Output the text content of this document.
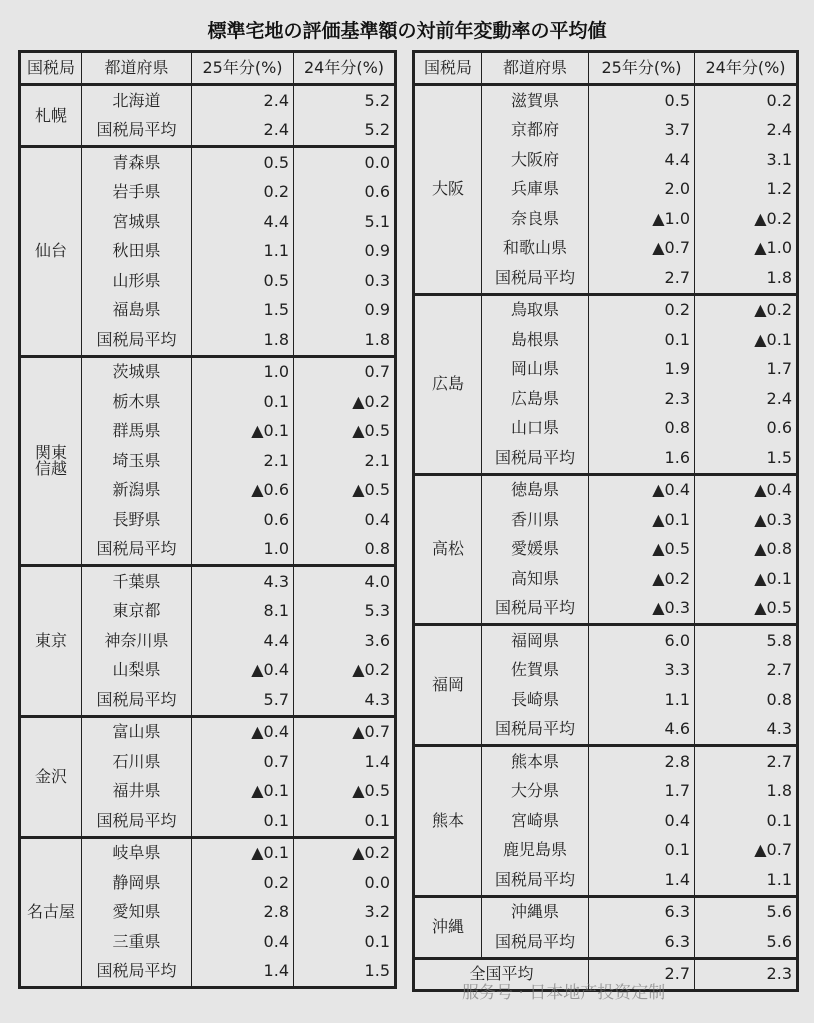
標準宅地の評価基準額の対前年変動率の平均値
国税局	都道府県	25年分(%)	24年分(%)
札幌	北海道	2.4	5.2
	国税局平均	2.4	5.2
仙台	青森県	0.5	0.0
	岩手県	0.2	0.6
	宮城県	4.4	5.1
	秋田県	1.1	0.9
	山形県	0.5	0.3
	福島県	1.5	0.9
	国税局平均	1.8	1.8
関東
信越	茨城県	1.0	0.7
	栃木県	0.1	▲0.2
	群馬県	▲0.1	▲0.5
	埼玉県	2.1	2.1
	新潟県	▲0.6	▲0.5
	長野県	0.6	0.4
	国税局平均	1.0	0.8
東京	千葉県	4.3	4.0
	東京都	8.1	5.3
	神奈川県	4.4	3.6
	山梨県	▲0.4	▲0.2
	国税局平均	5.7	4.3
金沢	富山県	▲0.4	▲0.7
	石川県	0.7	1.4
	福井県	▲0.1	▲0.5
	国税局平均	0.1	0.1
名古屋	岐阜県	▲0.1	▲0.2
	静岡県	0.2	0.0
	愛知県	2.8	3.2
	三重県	0.4	0.1
	国税局平均	1.4	1.5
国税局	都道府県	25年分(%)	24年分(%)
大阪	滋賀県	0.5	0.2
	京都府	3.7	2.4
	大阪府	4.4	3.1
	兵庫県	2.0	1.2
	奈良県	▲1.0	▲0.2
	和歌山県	▲0.7	▲1.0
	国税局平均	2.7	1.8
広島	鳥取県	0.2	▲0.2
	島根県	0.1	▲0.1
	岡山県	1.9	1.7
	広島県	2.3	2.4
	山口県	0.8	0.6
	国税局平均	1.6	1.5
高松	徳島県	▲0.4	▲0.4
	香川県	▲0.1	▲0.3
	愛媛県	▲0.5	▲0.8
	高知県	▲0.2	▲0.1
	国税局平均	▲0.3	▲0.5
福岡	福岡県	6.0	5.8
	佐賀県	3.3	2.7
	長崎県	1.1	0.8
	国税局平均	4.6	4.3
熊本	熊本県	2.8	2.7
	大分県	1.7	1.8
	宮崎県	0.4	0.1
	鹿児島県	0.1	▲0.7
	国税局平均	1.4	1.1
沖縄	沖縄県	6.3	5.6
	国税局平均	6.3	5.6
全国平均		2.7	2.3
服务号 · 日本地产投资定制
